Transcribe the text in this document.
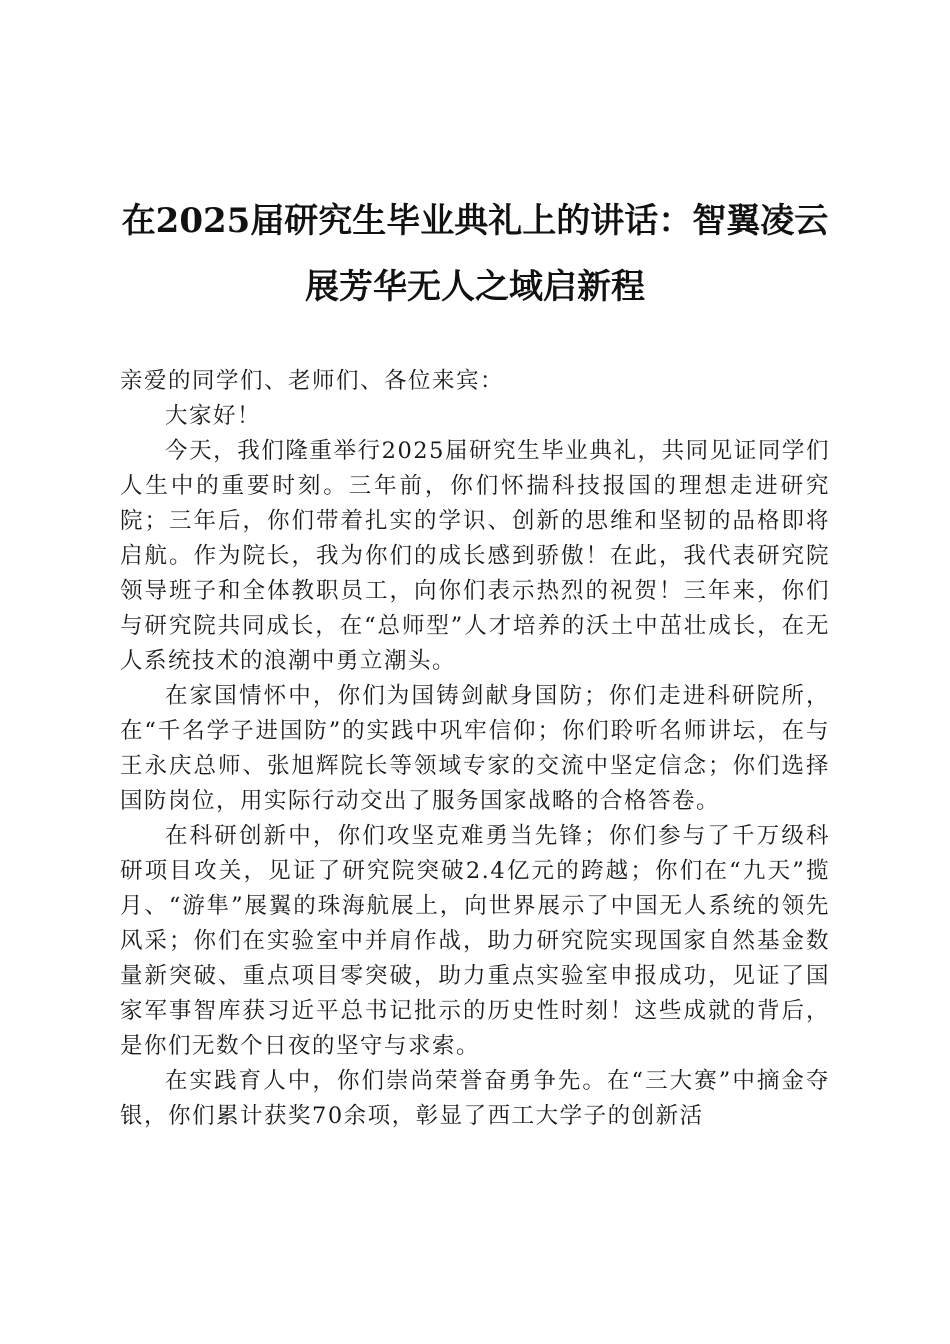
在2025届研究生毕业典礼上的讲话：智翼凌云展芳华无人之域启新程

亲爱的同学们、老师们、各位来宾：

大家好！

今天，我们隆重举行2025届研究生毕业典礼，共同见证同学们人生中的重要时刻。三年前，你们怀揣科技报国的理想走进研究院；三年后，你们带着扎实的学识、创新的思维和坚韧的品格即将启航。作为院长，我为你们的成长感到骄傲！在此，我代表研究院领导班子和全体教职员工，向你们表示热烈的祝贺！三年来，你们与研究院共同成长，在“总师型”人才培养的沃土中茁壮成长，在无人系统技术的浪潮中勇立潮头。

在家国情怀中，你们为国铸剑献身国防；你们走进科研院所，在“千名学子进国防”的实践中巩牢信仰；你们聆听名师讲坛，在与王永庆总师、张旭辉院长等领域专家的交流中坚定信念；你们选择国防岗位，用实际行动交出了服务国家战略的合格答卷。

在科研创新中，你们攻坚克难勇当先锋；你们参与了千万级科研项目攻关，见证了研究院突破2.4亿元的跨越；你们在“九天”揽月、“游隼”展翼的珠海航展上，向世界展示了中国无人系统的领先风采；你们在实验室中并肩作战，助力研究院实现国家自然基金数量新突破、重点项目零突破，助力重点实验室申报成功，见证了国家军事智库获习近平总书记批示的历史性时刻！这些成就的背后，是你们无数个日夜的坚守与求索。

在实践育人中，你们崇尚荣誉奋勇争先。在“三大赛”中摘金夺银，你们累计获奖70余项，彰显了西工大学子的创新活
